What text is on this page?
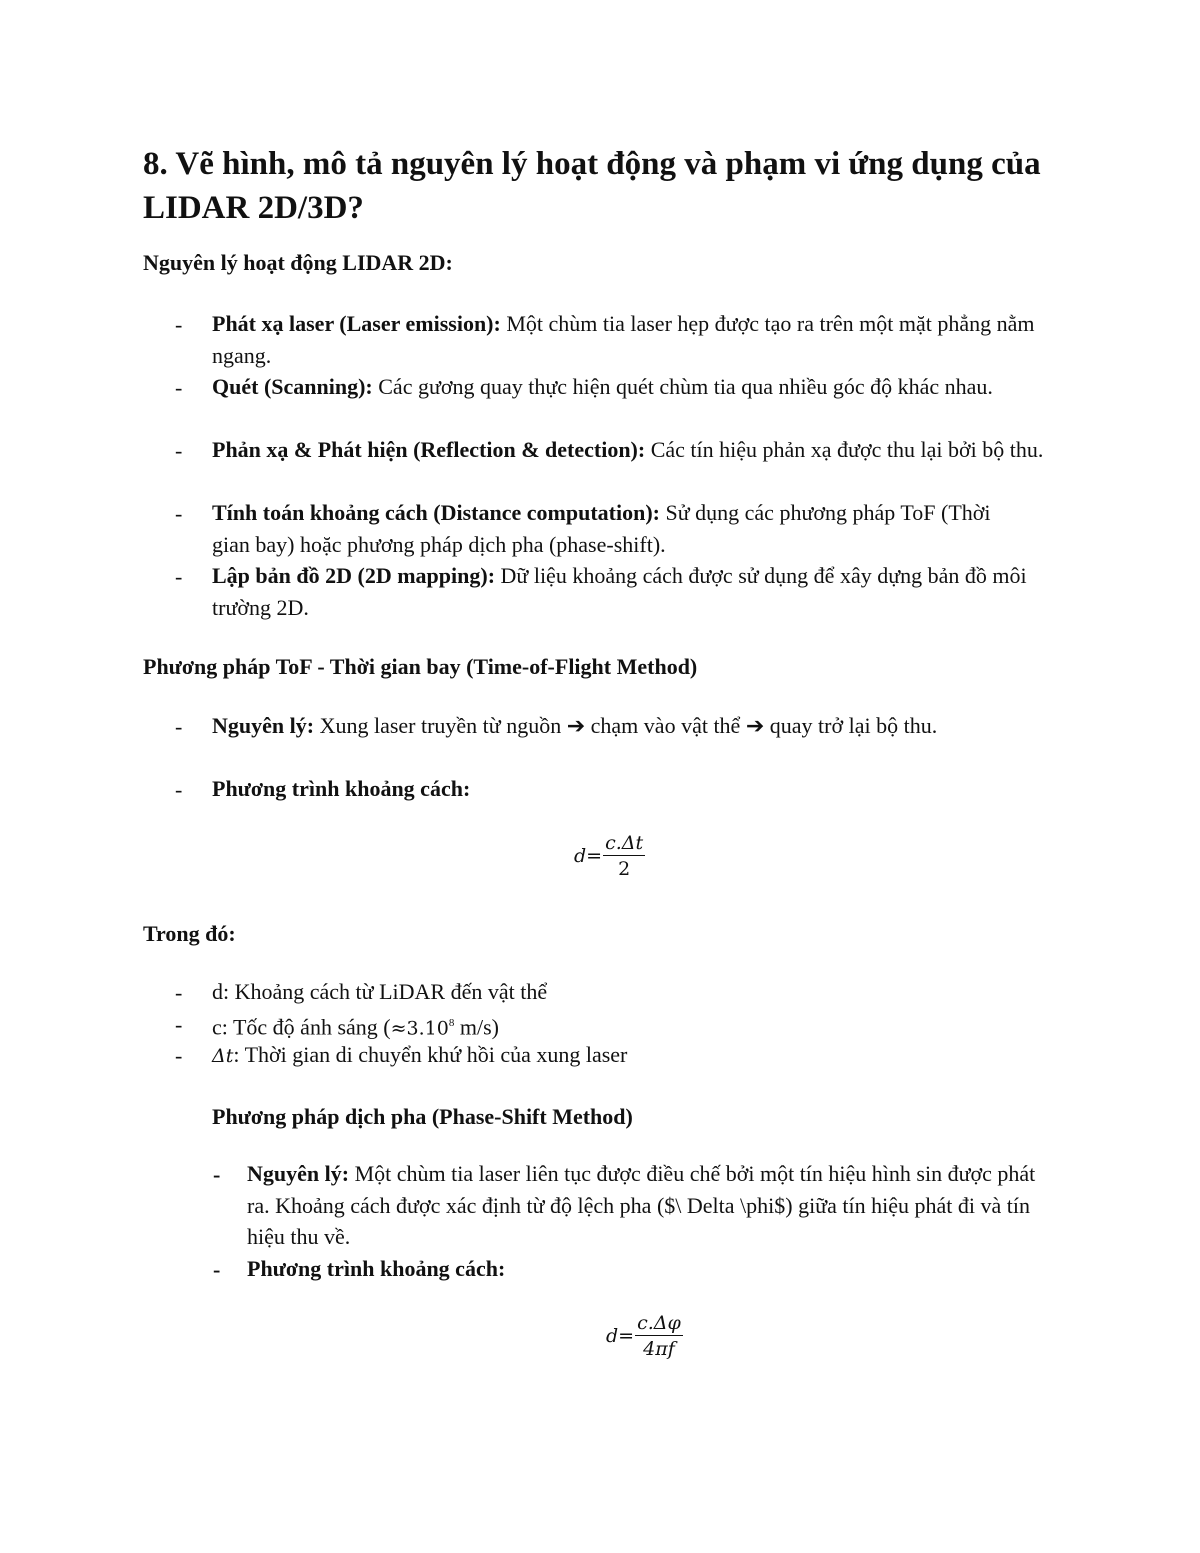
8. Vẽ hình, mô tả nguyên lý hoạt động và phạm vi ứng dụng của LIDAR 2D/3D?
Nguyên lý hoạt động LIDAR 2D:
- Phát xạ laser (Laser emission): Một chùm tia laser hẹp được tạo ra trên một mặt phẳng nằm ngang.
- Quét (Scanning): Các gương quay thực hiện quét chùm tia qua nhiều góc độ khác nhau.
- Phản xạ & Phát hiện (Reflection & detection): Các tín hiệu phản xạ được thu lại bởi bộ thu.
- Tính toán khoảng cách (Distance computation): Sử dụng các phương pháp ToF (Thời gian bay) hoặc phương pháp dịch pha (phase-shift).
- Lập bản đồ 2D (2D mapping): Dữ liệu khoảng cách được sử dụng để xây dựng bản đồ môi trường 2D.
Phương pháp ToF - Thời gian bay (Time-of-Flight Method)
- Nguyên lý: Xung laser truyền từ nguồn ➔ chạm vào vật thể ➔ quay trở lại bộ thu.
- Phương trình khoảng cách:
$d= \frac{c.\Delta t}{2}$
Trong đó:
- d: Khoảng cách từ LiDAR đến vật thể
- c: Tốc độ ánh sáng ($\approx 3.10^8$ m/s)
- Δt: Thời gian di chuyển khứ hồi của xung laser
Phương pháp dịch pha (Phase-Shift Method)
- Nguyên lý: Một chùm tia laser liên tục được điều chế bởi một tín hiệu hình sin được phát ra. Khoảng cách được xác định từ độ lệch pha ($\ Delta \phi$) giữa tín hiệu phát đi và tín hiệu thu về.
- Phương trình khoảng cách:
$d= \frac{c.\Delta\varphi}{4\pi f}$
